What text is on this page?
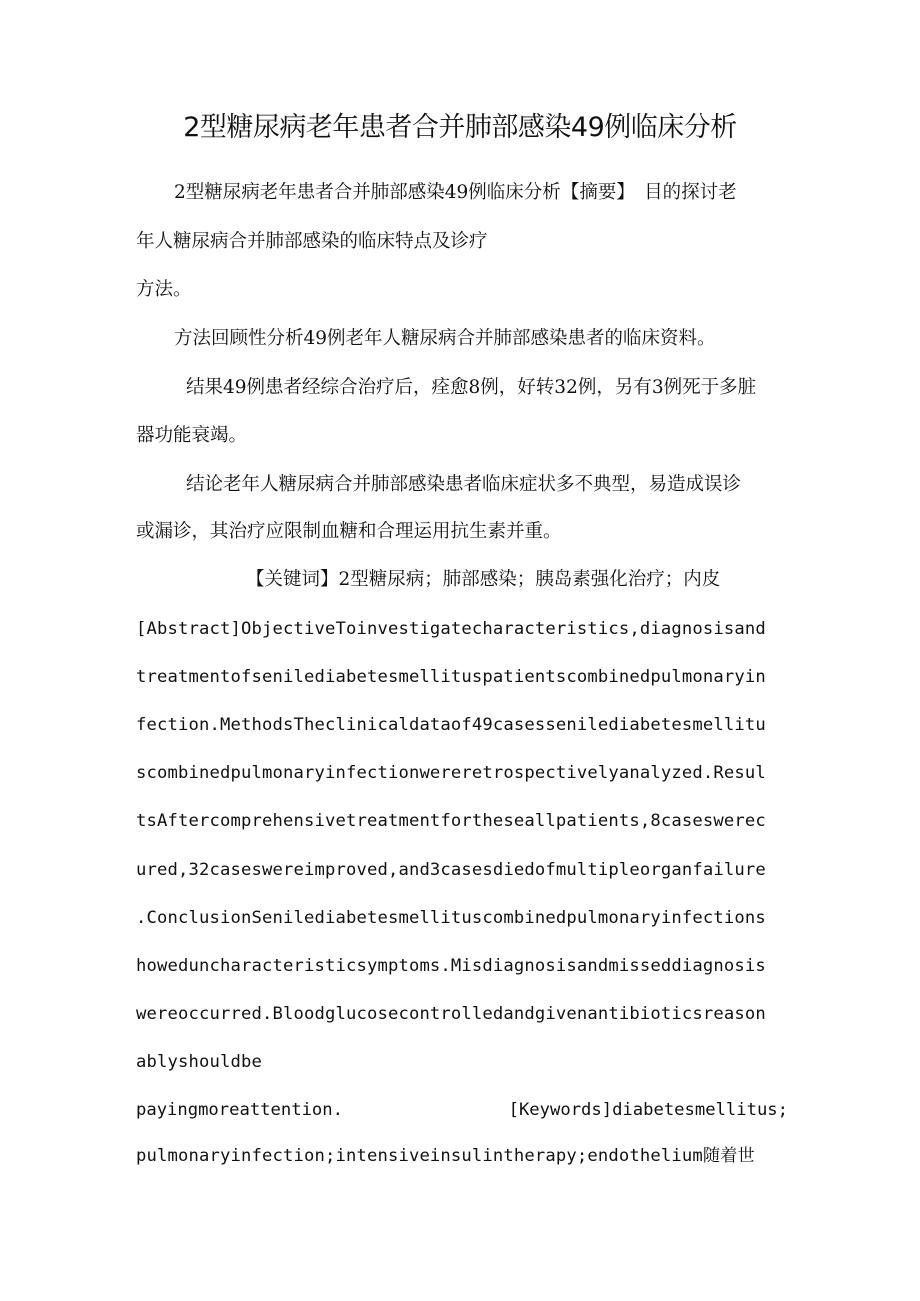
2型糖尿病老年患者合并肺部感染49例临床分析
2型糖尿病老年患者合并肺部感染49例临床分析【摘要】　目的探讨老
年人糖尿病合并肺部感染的临床特点及诊疗
方法。
方法回顾性分析49例老年人糖尿病合并肺部感染患者的临床资料。
结果49例患者经综合治疗后，痊愈8例，好转32例，另有3例死于多脏
器功能衰竭。
结论老年人糖尿病合并肺部感染患者临床症状多不典型，易造成误诊
或漏诊，其治疗应限制血糖和合理运用抗生素并重。
【关键词】2型糖尿病；肺部感染；胰岛素强化治疗；内皮
[Abstract]ObjectiveToinvestigatecharacteristics,diagnosisand
treatmentofsenilediabetesmellituspatientscombinedpulmonaryin
fection.MethodsTheclinicaldataof49casessenilediabetesmellitu
scombinedpulmonaryinfectionwereretrospectivelyanalyzed.Resul
tsAftercomprehensivetreatmentfortheseallpatients,8caseswerec
ured,32caseswereimproved,and3casesdiedofmultipleorganfailure
.ConclusionSenilediabetesmellituscombinedpulmonaryinfections
howeduncharacteristicsymptoms.Misdiagnosisandmisseddiagnosis
wereoccurred.Bloodglucosecontrolledandgivenantibioticsreason
ablyshouldbe
payingmoreattention.	[Keywords]diabetesmellitus;
pulmonaryinfection;intensiveinsulintherapy;endothelium随着世
